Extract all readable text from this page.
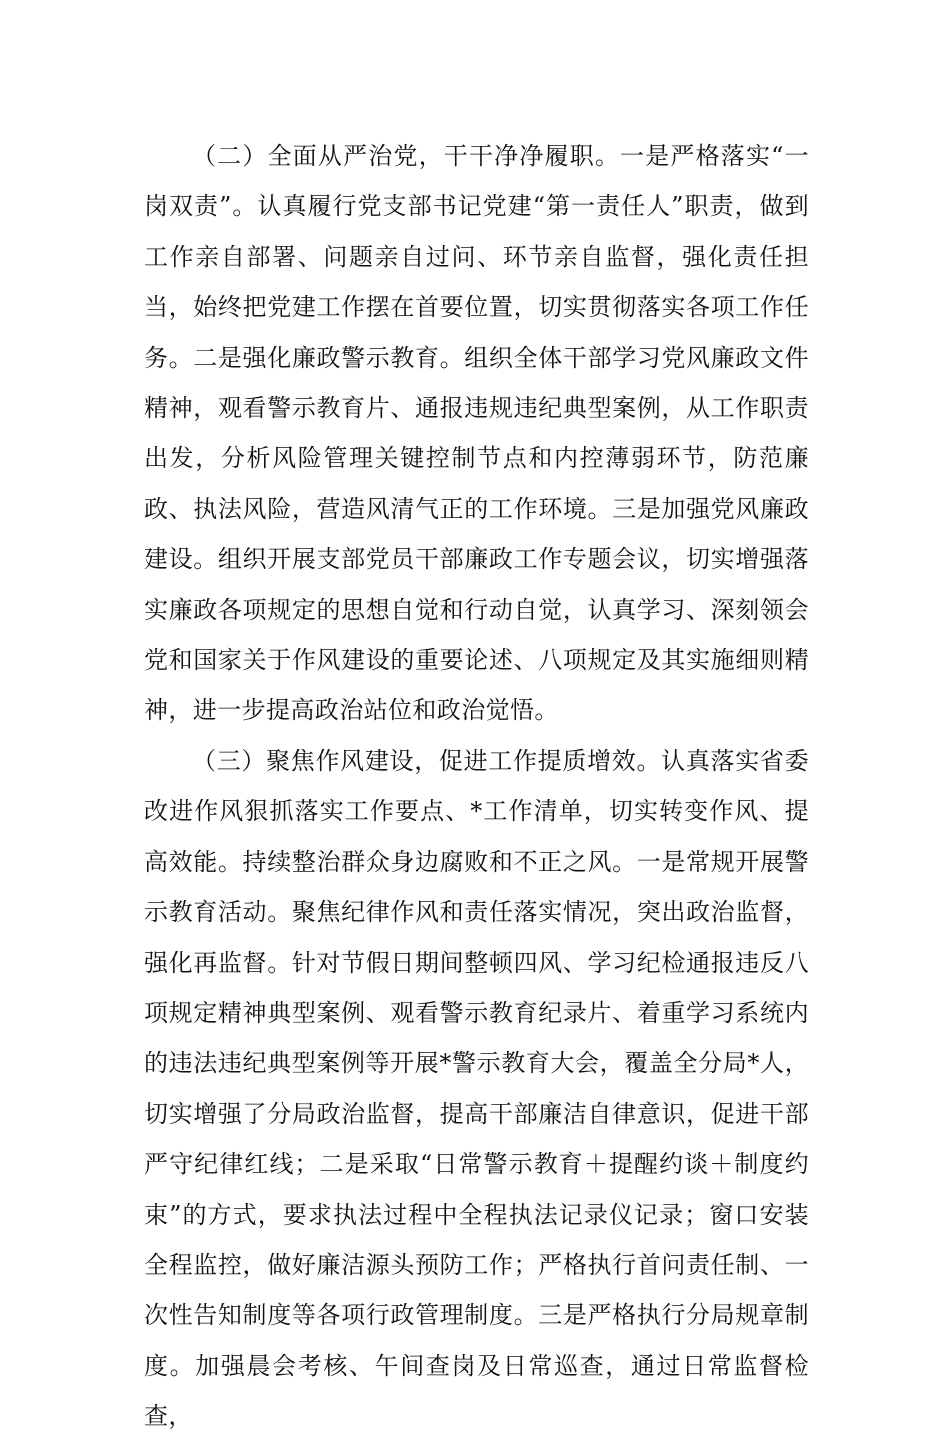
（二）全面从严治党，干干净净履职。一是严格落实“一岗双责”。认真履行党支部书记党建“第一责任人”职责，做到工作亲自部署、问题亲自过问、环节亲自监督，强化责任担当，始终把党建工作摆在首要位置，切实贯彻落实各项工作任务。二是强化廉政警示教育。组织全体干部学习党风廉政文件精神，观看警示教育片、通报违规违纪典型案例，从工作职责出发，分析风险管理关键控制节点和内控薄弱环节，防范廉政、执法风险，营造风清气正的工作环境。三是加强党风廉政建设。组织开展支部党员干部廉政工作专题会议，切实增强落实廉政各项规定的思想自觉和行动自觉，认真学习、深刻领会党和国家关于作风建设的重要论述、八项规定及其实施细则精神，进一步提高政治站位和政治觉悟。

（三）聚焦作风建设，促进工作提质增效。认真落实省委改进作风狠抓落实工作要点、*工作清单，切实转变作风、提高效能。持续整治群众身边腐败和不正之风。一是常规开展警示教育活动。聚焦纪律作风和责任落实情况，突出政治监督，强化再监督。针对节假日期间整顿四风、学习纪检通报违反八项规定精神典型案例、观看警示教育纪录片、着重学习系统内的违法违纪典型案例等开展*警示教育大会，覆盖全分局*人，切实增强了分局政治监督，提高干部廉洁自律意识，促进干部严守纪律红线；二是采取“日常警示教育＋提醒约谈＋制度约束”的方式，要求执法过程中全程执法记录仪记录；窗口安装全程监控，做好廉洁源头预防工作；严格执行首问责任制、一次性告知制度等各项行政管理制度。三是严格执行分局规章制度。加强晨会考核、午间查岗及日常巡查，通过日常监督检查，
